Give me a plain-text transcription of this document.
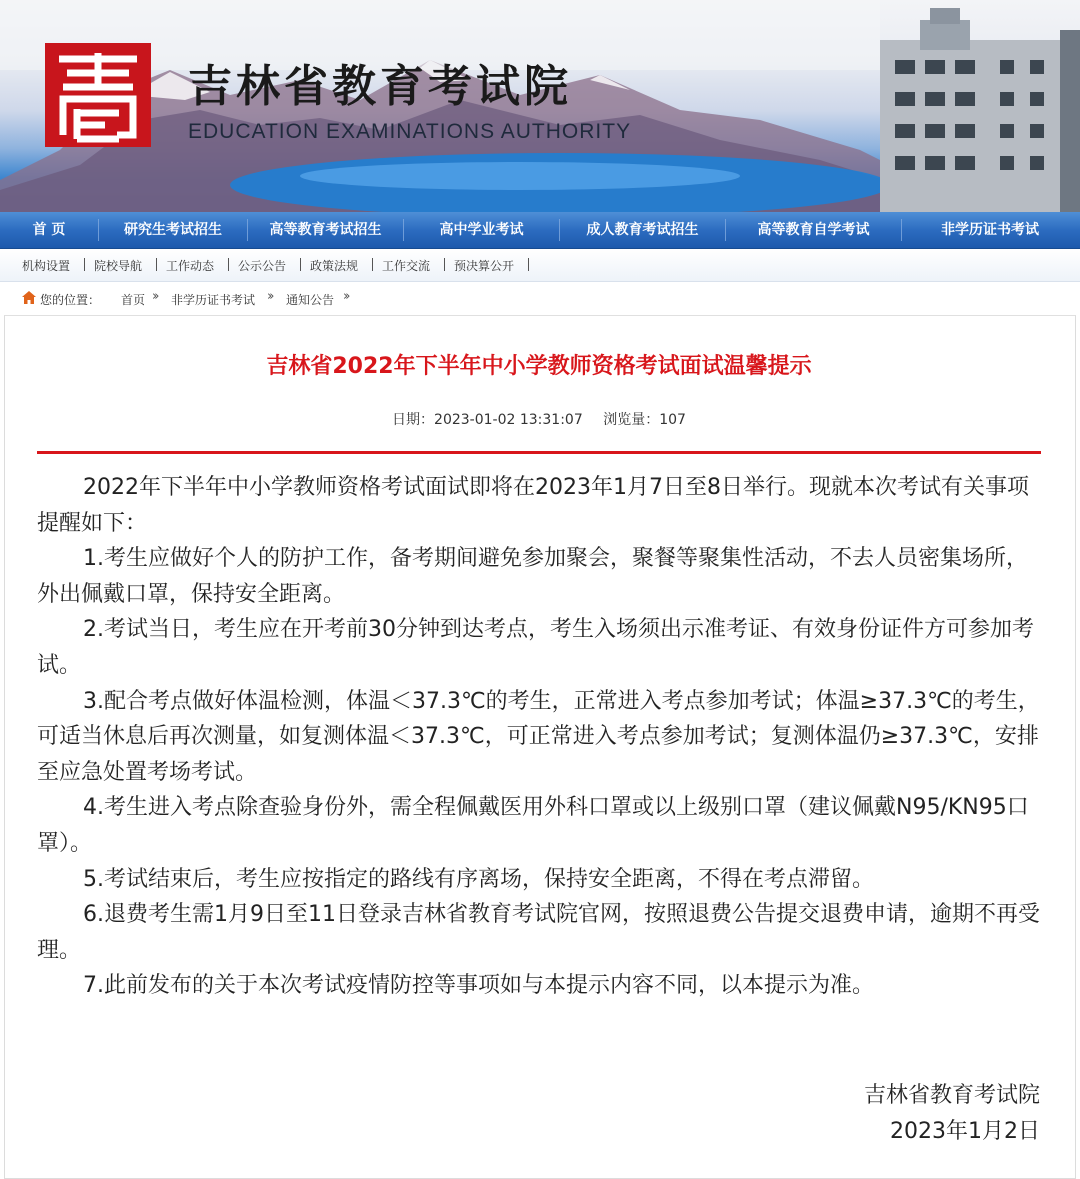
吉林省教育考试院
EDUCATION EXAMINATIONS AUTHORITY
首 页	研究生考试招生	高等教育考试招生	高中学业考试	成人教育考试招生	高等教育自学考试	非学历证书考试
机构设置 院校导航 工作动态 公示公告 政策法规 工作交流 预决算公开
您的位置： 首页 ›› 非学历证书考试 ›› 通知公告 ››
吉林省2022年下半年中小学教师资格考试面试温馨提示
日期：2023-01-02 13:31:07 浏览量：107

2022年下半年中小学教师资格考试面试即将在2023年1月7日至8日举行。现就本次考试有关事项提醒如下：

1.考生应做好个人的防护工作，备考期间避免参加聚会，聚餐等聚集性活动，不去人员密集场所，外出佩戴口罩，保持安全距离。

2.考试当日，考生应在开考前30分钟到达考点，考生入场须出示准考证、有效身份证件方可参加考试。

3.配合考点做好体温检测，体温＜37.3℃的考生，正常进入考点参加考试；体温≥37.3℃的考生，可适当休息后再次测量，如复测体温＜37.3℃，可正常进入考点参加考试；复测体温仍≥37.3℃，安排至应急处置考场考试。

4.考生进入考点除查验身份外，需全程佩戴医用外科口罩或以上级别口罩（建议佩戴N95/KN95口罩）。

5.考试结束后，考生应按指定的路线有序离场，保持安全距离，不得在考点滞留。

6.退费考生需1月9日至11日登录吉林省教育考试院官网，按照退费公告提交退费申请，逾期不再受理。

7.此前发布的关于本次考试疫情防控等事项如与本提示内容不同，以本提示为准。

吉林省教育考试院
2023年1月2日
